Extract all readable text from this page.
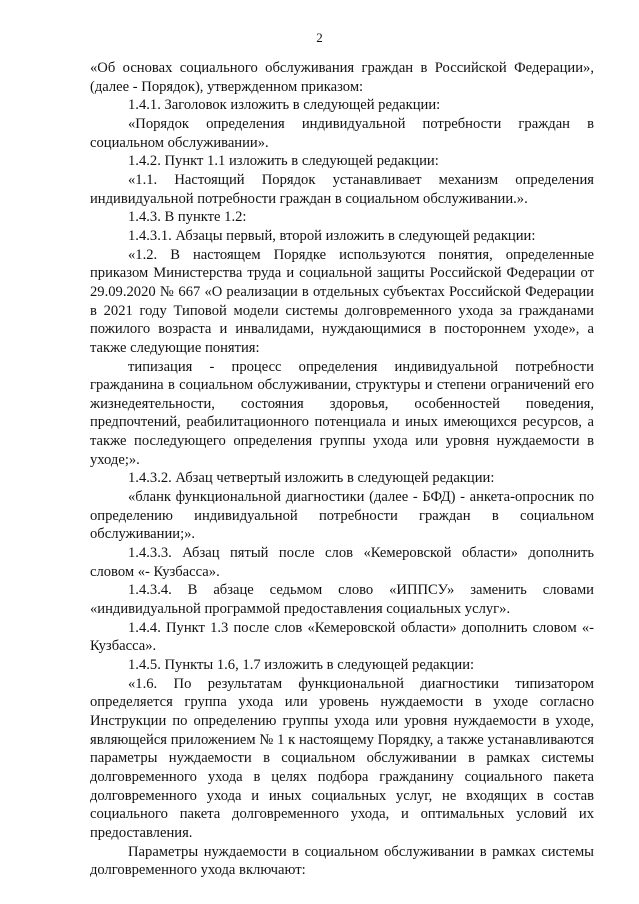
2

«Об основах социального обслуживания граждан в Российской Федерации», (далее - Порядок), утвержденном приказом:

1.4.1. Заголовок изложить в следующей редакции:

«Порядок определения индивидуальной потребности граждан в социальном обслуживании».

1.4.2. Пункт 1.1 изложить в следующей редакции:

«1.1. Настоящий Порядок устанавливает механизм определения индивидуальной потребности граждан в социальном обслуживании.».

1.4.3. В пункте 1.2:

1.4.3.1. Абзацы первый, второй изложить в следующей редакции:

«1.2. В настоящем Порядке используются понятия, определенные приказом Министерства труда и социальной защиты Российской Федерации от 29.09.2020 № 667 «О реализации в отдельных субъектах Российской Федерации в 2021 году Типовой модели системы долговременного ухода за гражданами пожилого возраста и инвалидами, нуждающимися в постороннем уходе», а также следующие понятия:

типизация - процесс определения индивидуальной потребности гражданина в социальном обслуживании, структуры и степени ограничений его жизнедеятельности, состояния здоровья, особенностей поведения, предпочтений, реабилитационного потенциала и иных имеющихся ресурсов, а также последующего определения группы ухода или уровня нуждаемости в уходе;».

1.4.3.2. Абзац четвертый изложить в следующей редакции:

«бланк функциональной диагностики (далее - БФД) - анкета-опросник по определению индивидуальной потребности граждан в социальном обслуживании;».

1.4.3.3. Абзац пятый после слов «Кемеровской области» дополнить словом «- Кузбасса».

1.4.3.4. В абзаце седьмом слово «ИППСУ» заменить словами «индивидуальной программой предоставления социальных услуг».

1.4.4. Пункт 1.3 после слов «Кемеровской области» дополнить словом «- Кузбасса».

1.4.5. Пункты 1.6, 1.7 изложить в следующей редакции:

«1.6. По результатам функциональной диагностики типизатором определяется группа ухода или уровень нуждаемости в уходе согласно Инструкции по определению группы ухода или уровня нуждаемости в уходе, являющейся приложением № 1 к настоящему Порядку, а также устанавливаются параметры нуждаемости в социальном обслуживании в рамках системы долговременного ухода в целях подбора гражданину социального пакета долговременного ухода и иных социальных услуг, не входящих в состав социального пакета долговременного ухода, и оптимальных условий их предоставления.

Параметры нуждаемости в социальном обслуживании в рамках системы долговременного ухода включают:
